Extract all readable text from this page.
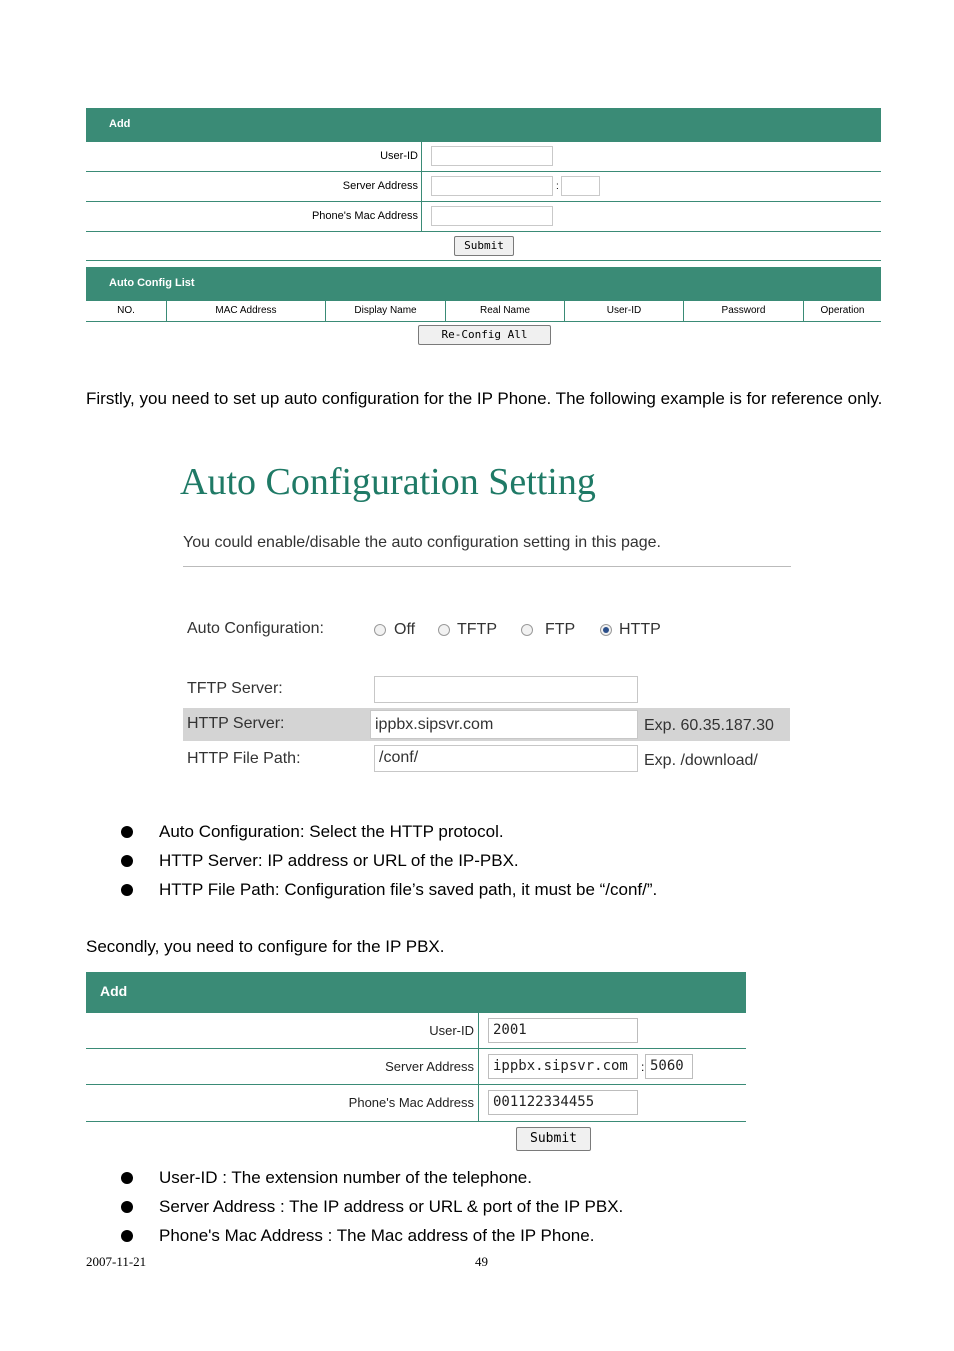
Add
User-ID
Server Address	:
Phone's Mac Address
Submit
Auto Config List
NO.	MAC Address	Display Name	Real Name	User-ID	Password	Operation
Re-Config All
Firstly, you need to set up auto configuration for the IP Phone. The following example is for reference only.
Auto Configuration Setting
You could enable/disable the auto configuration setting in this page.
Auto Configuration:	Off	TFTP	FTP	HTTP
TFTP Server:
HTTP Server:	ippbx.sipsvr.com	Exp. 60.35.187.30
HTTP File Path:	/conf/	Exp. /download/
Auto Configuration: Select the HTTP protocol.
HTTP Server: IP address or URL of the IP-PBX.
HTTP File Path: Configuration file’s saved path, it must be “/conf/”.
Secondly, you need to configure for the IP PBX.
Add
User-ID	2001
Server Address	ippbx.sipsvr.com	: 5060
Phone's Mac Address	001122334455
Submit
User-ID : The extension number of the telephone.
Server Address : The IP address or URL & port of the IP PBX.
Phone's Mac Address : The Mac address of the IP Phone.
2007-11-21	49
